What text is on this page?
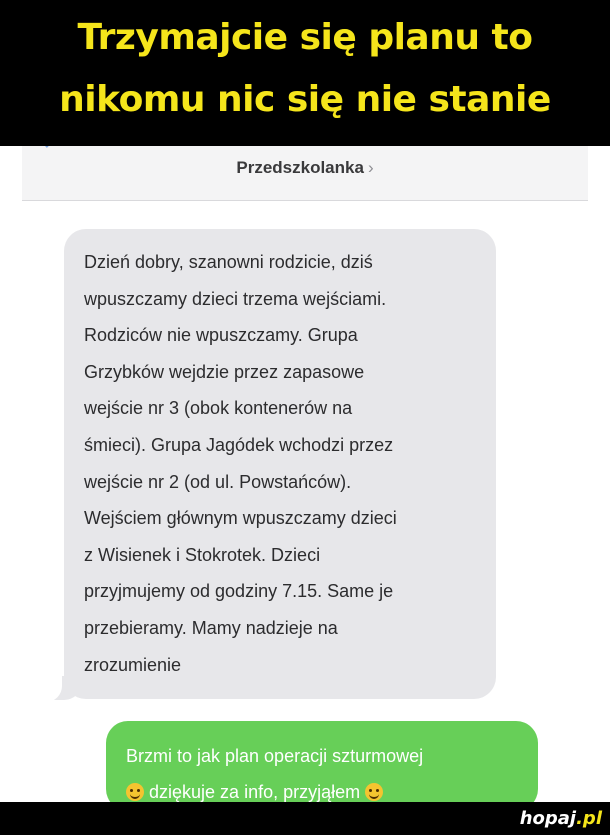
Trzymajcie się planu to
nikomu nic się nie stanie
Przedszkolanka ›
Dzień dobry, szanowni rodzicie, dziś
wpuszczamy dzieci trzema wejściami.
Rodziców nie wpuszczamy. Grupa
Grzybków wejdzie przez zapasowe
wejście nr 3 (obok kontenerów na
śmieci). Grupa Jagódek wchodzi przez
wejście nr 2 (od ul. Powstańców).
Wejściem głównym wpuszczamy dzieci
z Wisienek i Stokrotek. Dzieci
przyjmujemy od godziny 7.15. Same je
przebieramy. Mamy nadzieje na
zrozumienie
Brzmi to jak plan operacji szturmowej
dziękuje za info, przyjąłem
hopaj.pl
